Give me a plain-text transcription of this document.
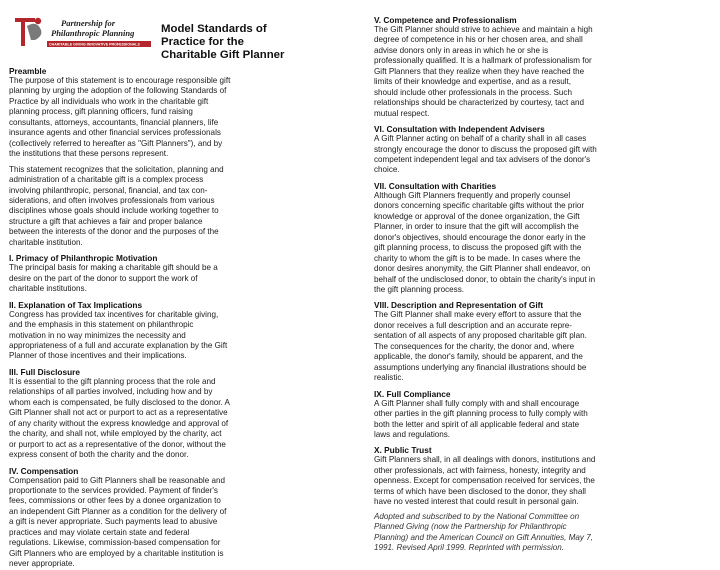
Partnership for
Philanthropic Planning
CHARITABLE GIVING INNOVATIVE PROFESSIONALS
Model Standards of
Practice for the
Charitable Gift Planner
Preamble
The purpose of this statement is to encourage responsible gift
planning by urging the adoption of the following Standards of
Practice by all individuals who work in the charitable gift
planning process, gift planning officers, fund raising
consultants, attorneys, accountants, financial planners, life
insurance agents and other financial services professionals
(collectively referred to hereafter as "Gift Planners"), and by
the institutions that these persons represent.
This statement recognizes that the solicitation, planning and
administration of a charitable gift is a complex process
involving philanthropic, personal, financial, and tax con-
siderations, and often involves professionals from various
disciplines whose goals should include working together to
structure a gift that achieves a fair and proper balance
between the interests of the donor and the purposes of the
charitable institution.
I. Primacy of Philanthropic Motivation
The principal basis for making a charitable gift should be a
desire on the part of the donor to support the work of
charitable institutions.
II. Explanation of Tax Implications
Congress has provided tax incentives for charitable giving,
and the emphasis in this statement on philanthropic
motivation in no way minimizes the necessity and
appropriateness of a full and accurate explanation by the Gift
Planner of those incentives and their implications.
III. Full Disclosure
It is essential to the gift planning process that the role and
relationships of all parties involved, including how and by
whom each is compensated, be fully disclosed to the donor. A
Gift Planner shall not act or purport to act as a representative
of any charity without the express knowledge and approval of
the charity, and shall not, while employed by the charity, act
or purport to act as a representative of the donor, without the
express consent of both the charity and the donor.
IV. Compensation
Compensation paid to Gift Planners shall be reasonable and
proportionate to the services provided. Payment of finder's
fees, commissions or other fees by a donee organization to
an independent Gift Planner as a condition for the delivery of
a gift is never appropriate. Such payments lead to abusive
practices and may violate certain state and federal
regulations. Likewise, commission-based compensation for
Gift Planners who are employed by a charitable institution is
never appropriate.
V. Competence and Professionalism
The Gift Planner should strive to achieve and maintain a high
degree of competence in his or her chosen area, and shall
advise donors only in areas in which he or she is
professionally qualified. It is a hallmark of professionalism for
Gift Planners that they realize when they have reached the
limits of their knowledge and expertise, and as a result,
should include other professionals in the process. Such
relationships should be characterized by courtesy, tact and
mutual respect.
VI. Consultation with Independent Advisers
A Gift Planner acting on behalf of a charity shall in all cases
strongly encourage the donor to discuss the proposed gift with
competent independent legal and tax advisers of the donor's
choice.
VII. Consultation with Charities
Although Gift Planners frequently and properly counsel
donors concerning specific charitable gifts without the prior
knowledge or approval of the donee organization, the Gift
Planner, in order to insure that the gift will accomplish the
donor's objectives, should encourage the donor early in the
gift planning process, to discuss the proposed gift with the
charity to whom the gift is to be made. In cases where the
donor desires anonymity, the Gift Planner shall endeavor, on
behalf of the undisclosed donor, to obtain the charity's input in
the gift planning process.
VIII. Description and Representation of Gift
The Gift Planner shall make every effort to assure that the
donor receives a full description and an accurate repre-
sentation of all aspects of any proposed charitable gift plan.
The consequences for the charity, the donor and, where
applicable, the donor's family, should be apparent, and the
assumptions underlying any financial illustrations should be
realistic.
IX. Full Compliance
A Gift Planner shall fully comply with and shall encourage
other parties in the gift planning process to fully comply with
both the letter and spirit of all applicable federal and state
laws and regulations.
X. Public Trust
Gift Planners shall, in all dealings with donors, institutions and
other professionals, act with fairness, honesty, integrity and
openness. Except for compensation received for services, the
terms of which have been disclosed to the donor, they shall
have no vested interest that could result in personal gain.
Adopted and subscribed to by the National Committee on
Planned Giving (now the Partnership for Philanthropic
Planning) and the American Council on Gift Annuities, May 7,
1991. Revised April 1999. Reprinted with permission.
